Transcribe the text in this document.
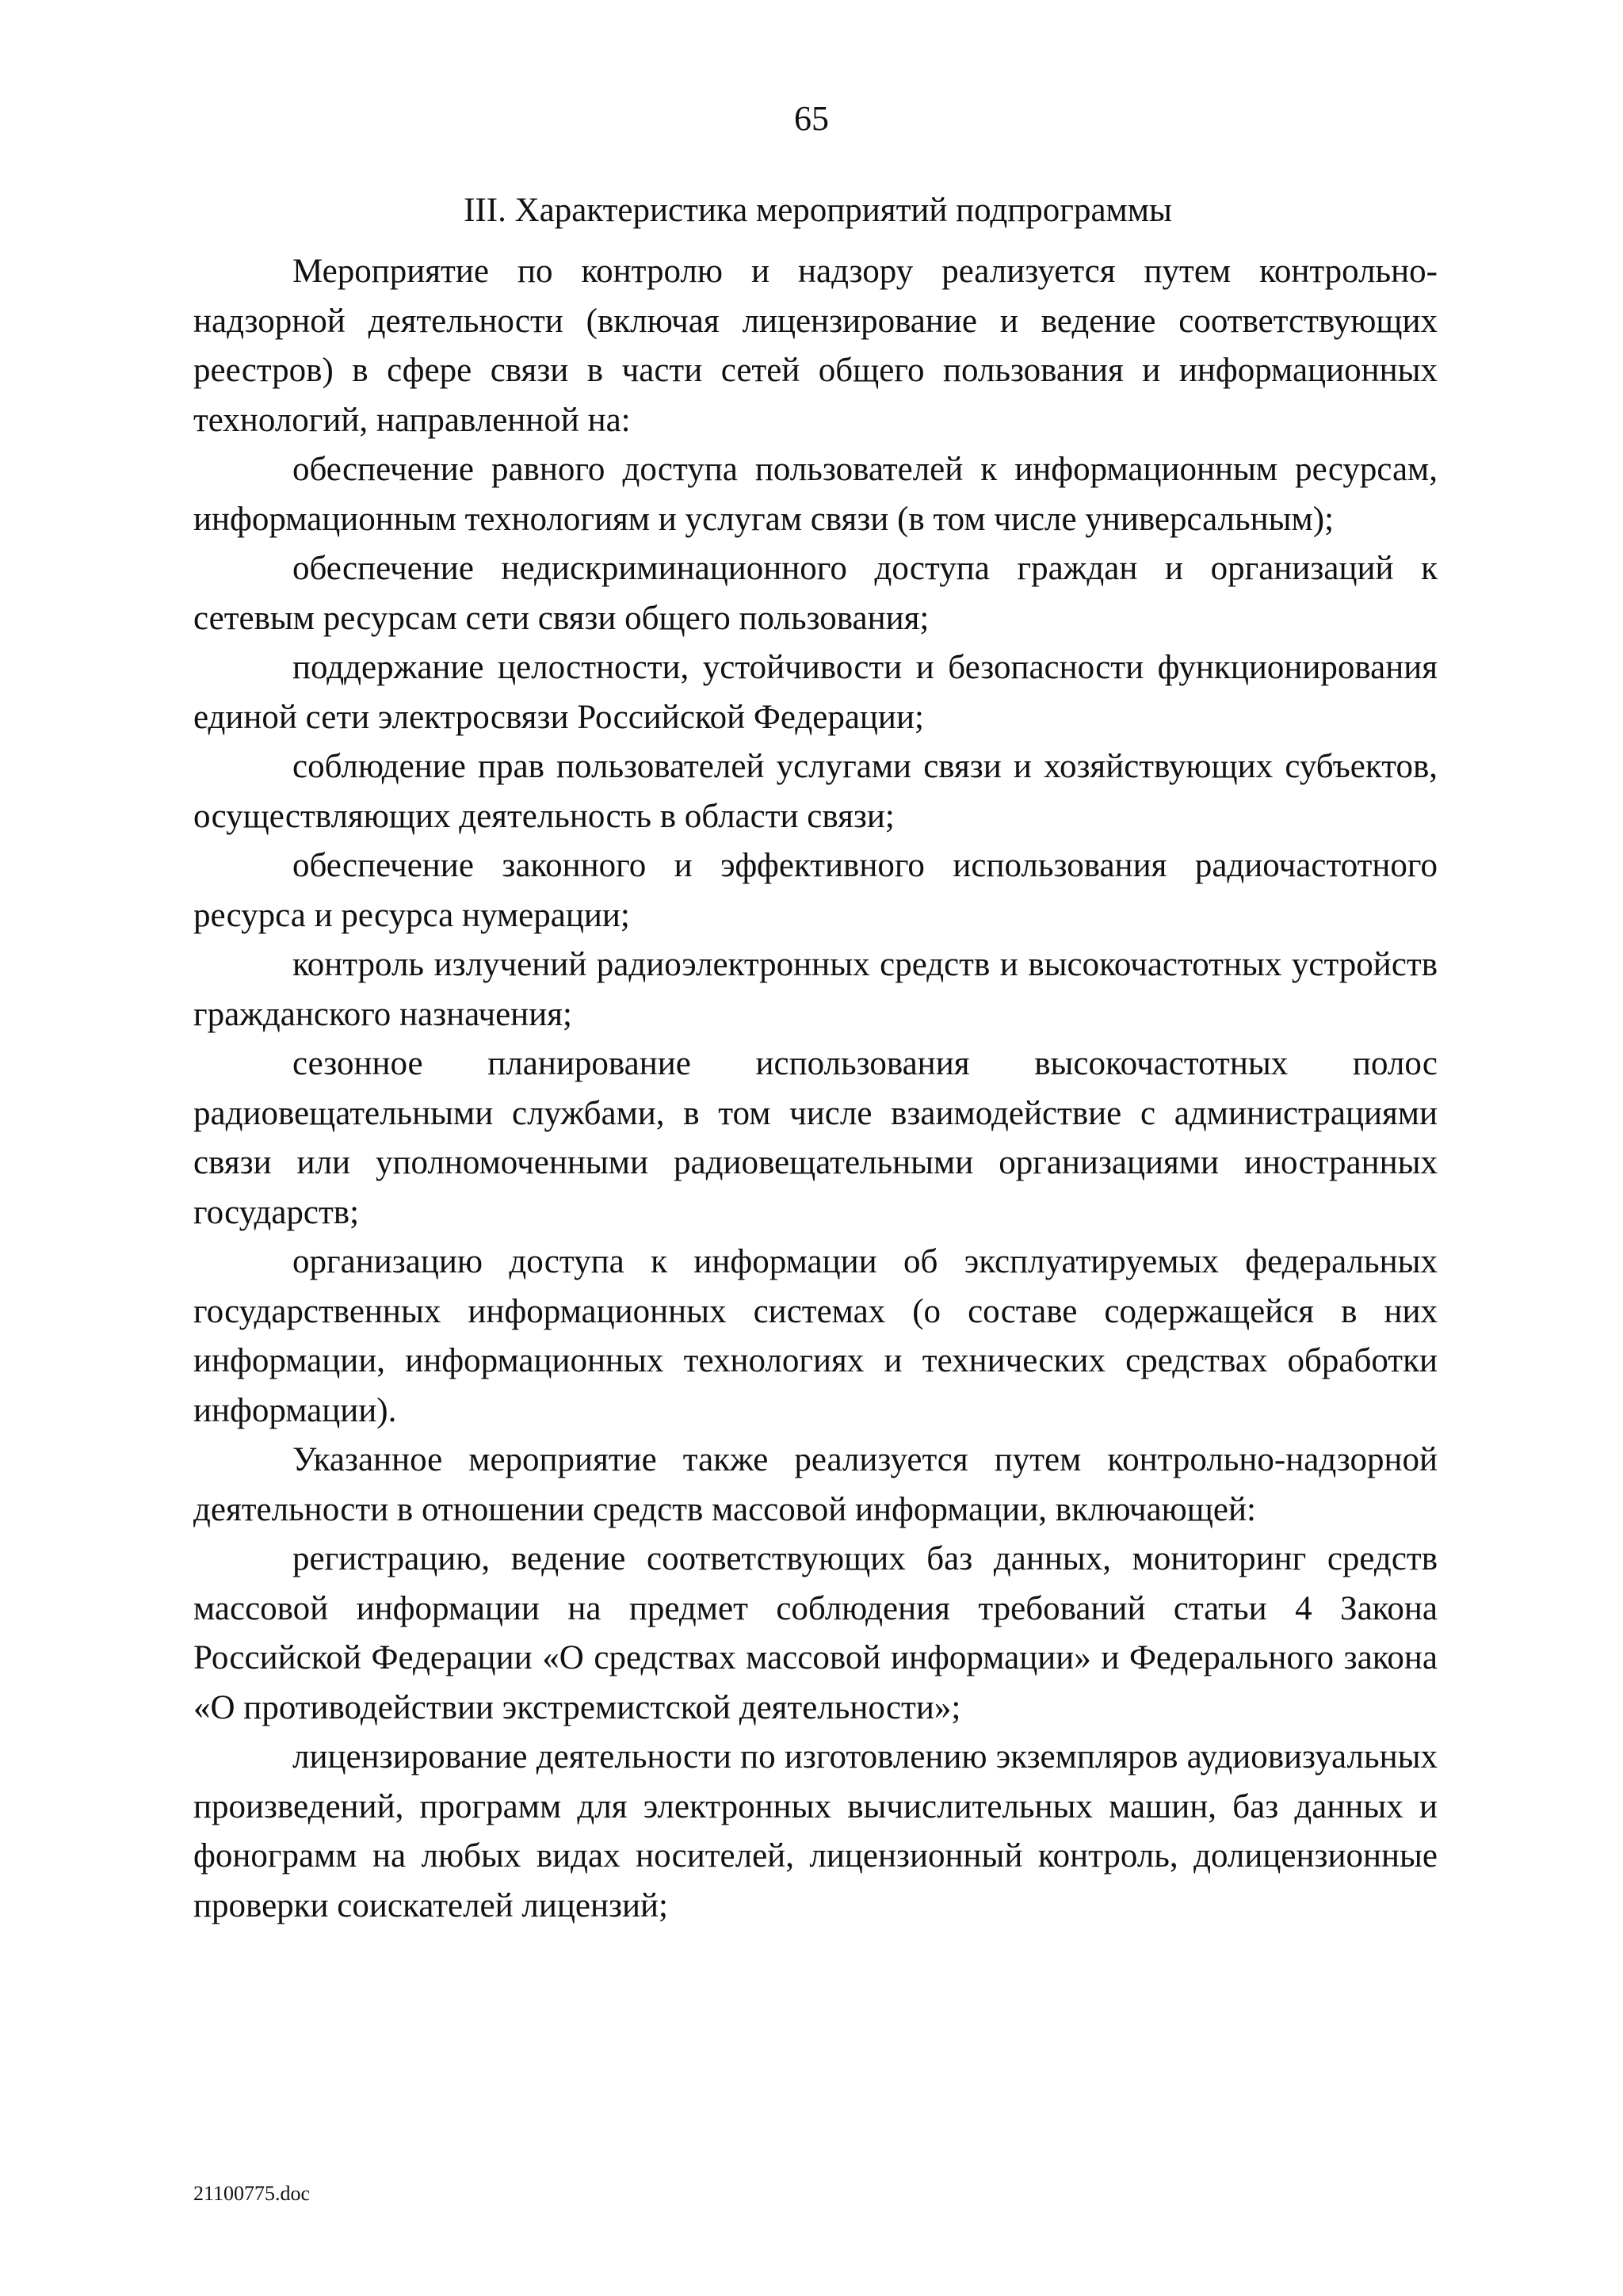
65
III. Характеристика мероприятий подпрограммы

Мероприятие по контролю и надзору реализуется путем контрольно-надзорной деятельности (включая лицензирование и ведение соответствующих реестров) в сфере связи в части сетей общего пользования и информационных технологий, направленной на:

обеспечение равного доступа пользователей к информационным ресурсам, информационным технологиям и услугам связи (в том числе универсальным);

обеспечение недискриминационного доступа граждан и организаций к сетевым ресурсам сети связи общего пользования;

поддержание целостности, устойчивости и безопасности функционирования единой сети электросвязи Российской Федерации;

соблюдение прав пользователей услугами связи и хозяйствующих субъектов, осуществляющих деятельность в области связи;

обеспечение законного и эффективного использования радиочастотного ресурса и ресурса нумерации;

контроль излучений радиоэлектронных средств и высокочастотных устройств гражданского назначения;

сезонное планирование использования высокочастотных полос радиовещательными службами, в том числе взаимодействие с администрациями связи или уполномоченными радиовещательными организациями иностранных государств;

организацию доступа к информации об эксплуатируемых федеральных государственных информационных системах (о составе содержащейся в них информации, информационных технологиях и технических средствах обработки информации).

Указанное мероприятие также реализуется путем контрольно-надзорной деятельности в отношении средств массовой информации, включающей:

регистрацию, ведение соответствующих баз данных, мониторинг средств массовой информации на предмет соблюдения требований статьи 4 Закона Российской Федерации «О средствах массовой информации» и Федерального закона «О противодействии экстремистской деятельности»;

лицензирование деятельности по изготовлению экземпляров аудиовизуальных произведений, программ для электронных вычислительных машин, баз данных и фонограмм на любых видах носителей, лицензионный контроль, долицензионные проверки соискателей лицензий;

21100775.doc
